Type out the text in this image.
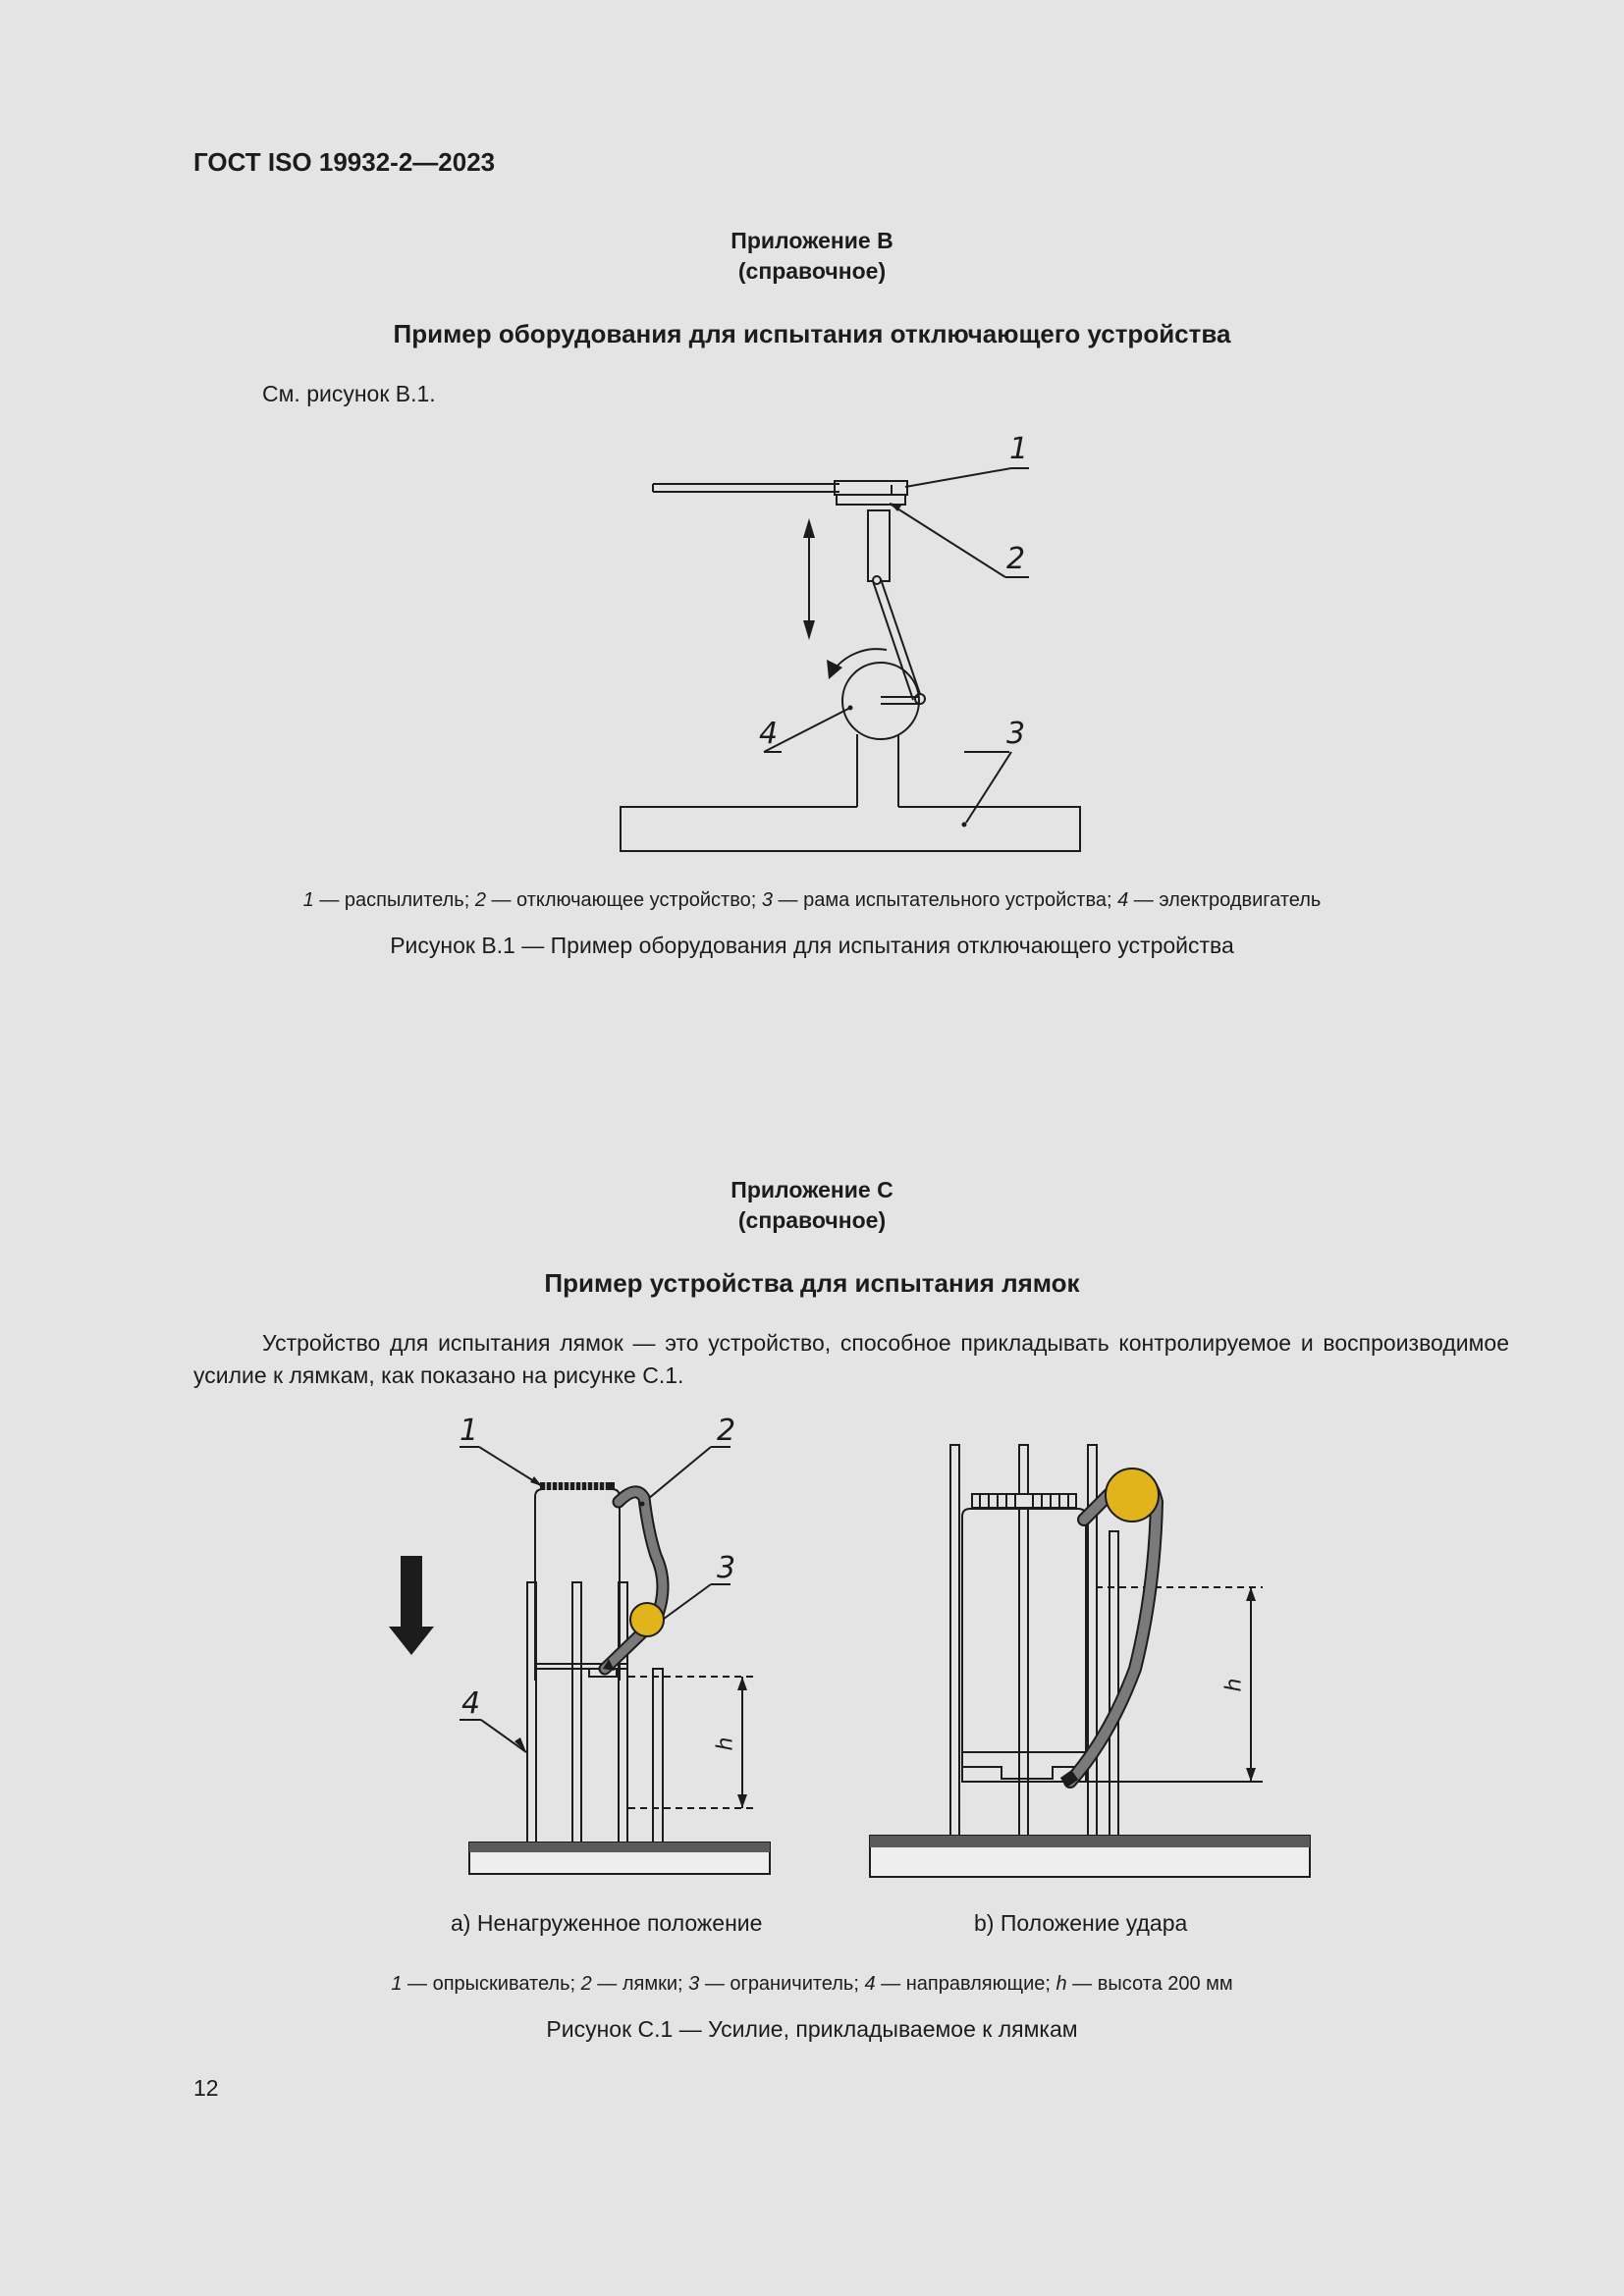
ГОСТ ISO 19932-2—2023
Приложение В
(справочное)
Пример оборудования для испытания отключающего устройства
См. рисунок В.1.
1
2
3
4
1 — распылитель; 2 — отключающее устройство; 3 — рама испытательного устройства; 4 — электродвигатель
Рисунок В.1 — Пример оборудования для испытания отключающего устройства
Приложение С
(справочное)
Пример устройства для испытания лямок
Устройство для испытания лямок — это устройство, способное прикладывать контролируемое и воспроизводимое усилие к лямкам, как показано на рисунке С.1.
1	2
3
4
h
h
a) Ненагруженное положение	b) Положение удара
1 — опрыскиватель; 2 — лямки; 3 — ограничитель; 4 — направляющие; h — высота 200 мм
Рисунок С.1 — Усилие, прикладываемое к лямкам
12
